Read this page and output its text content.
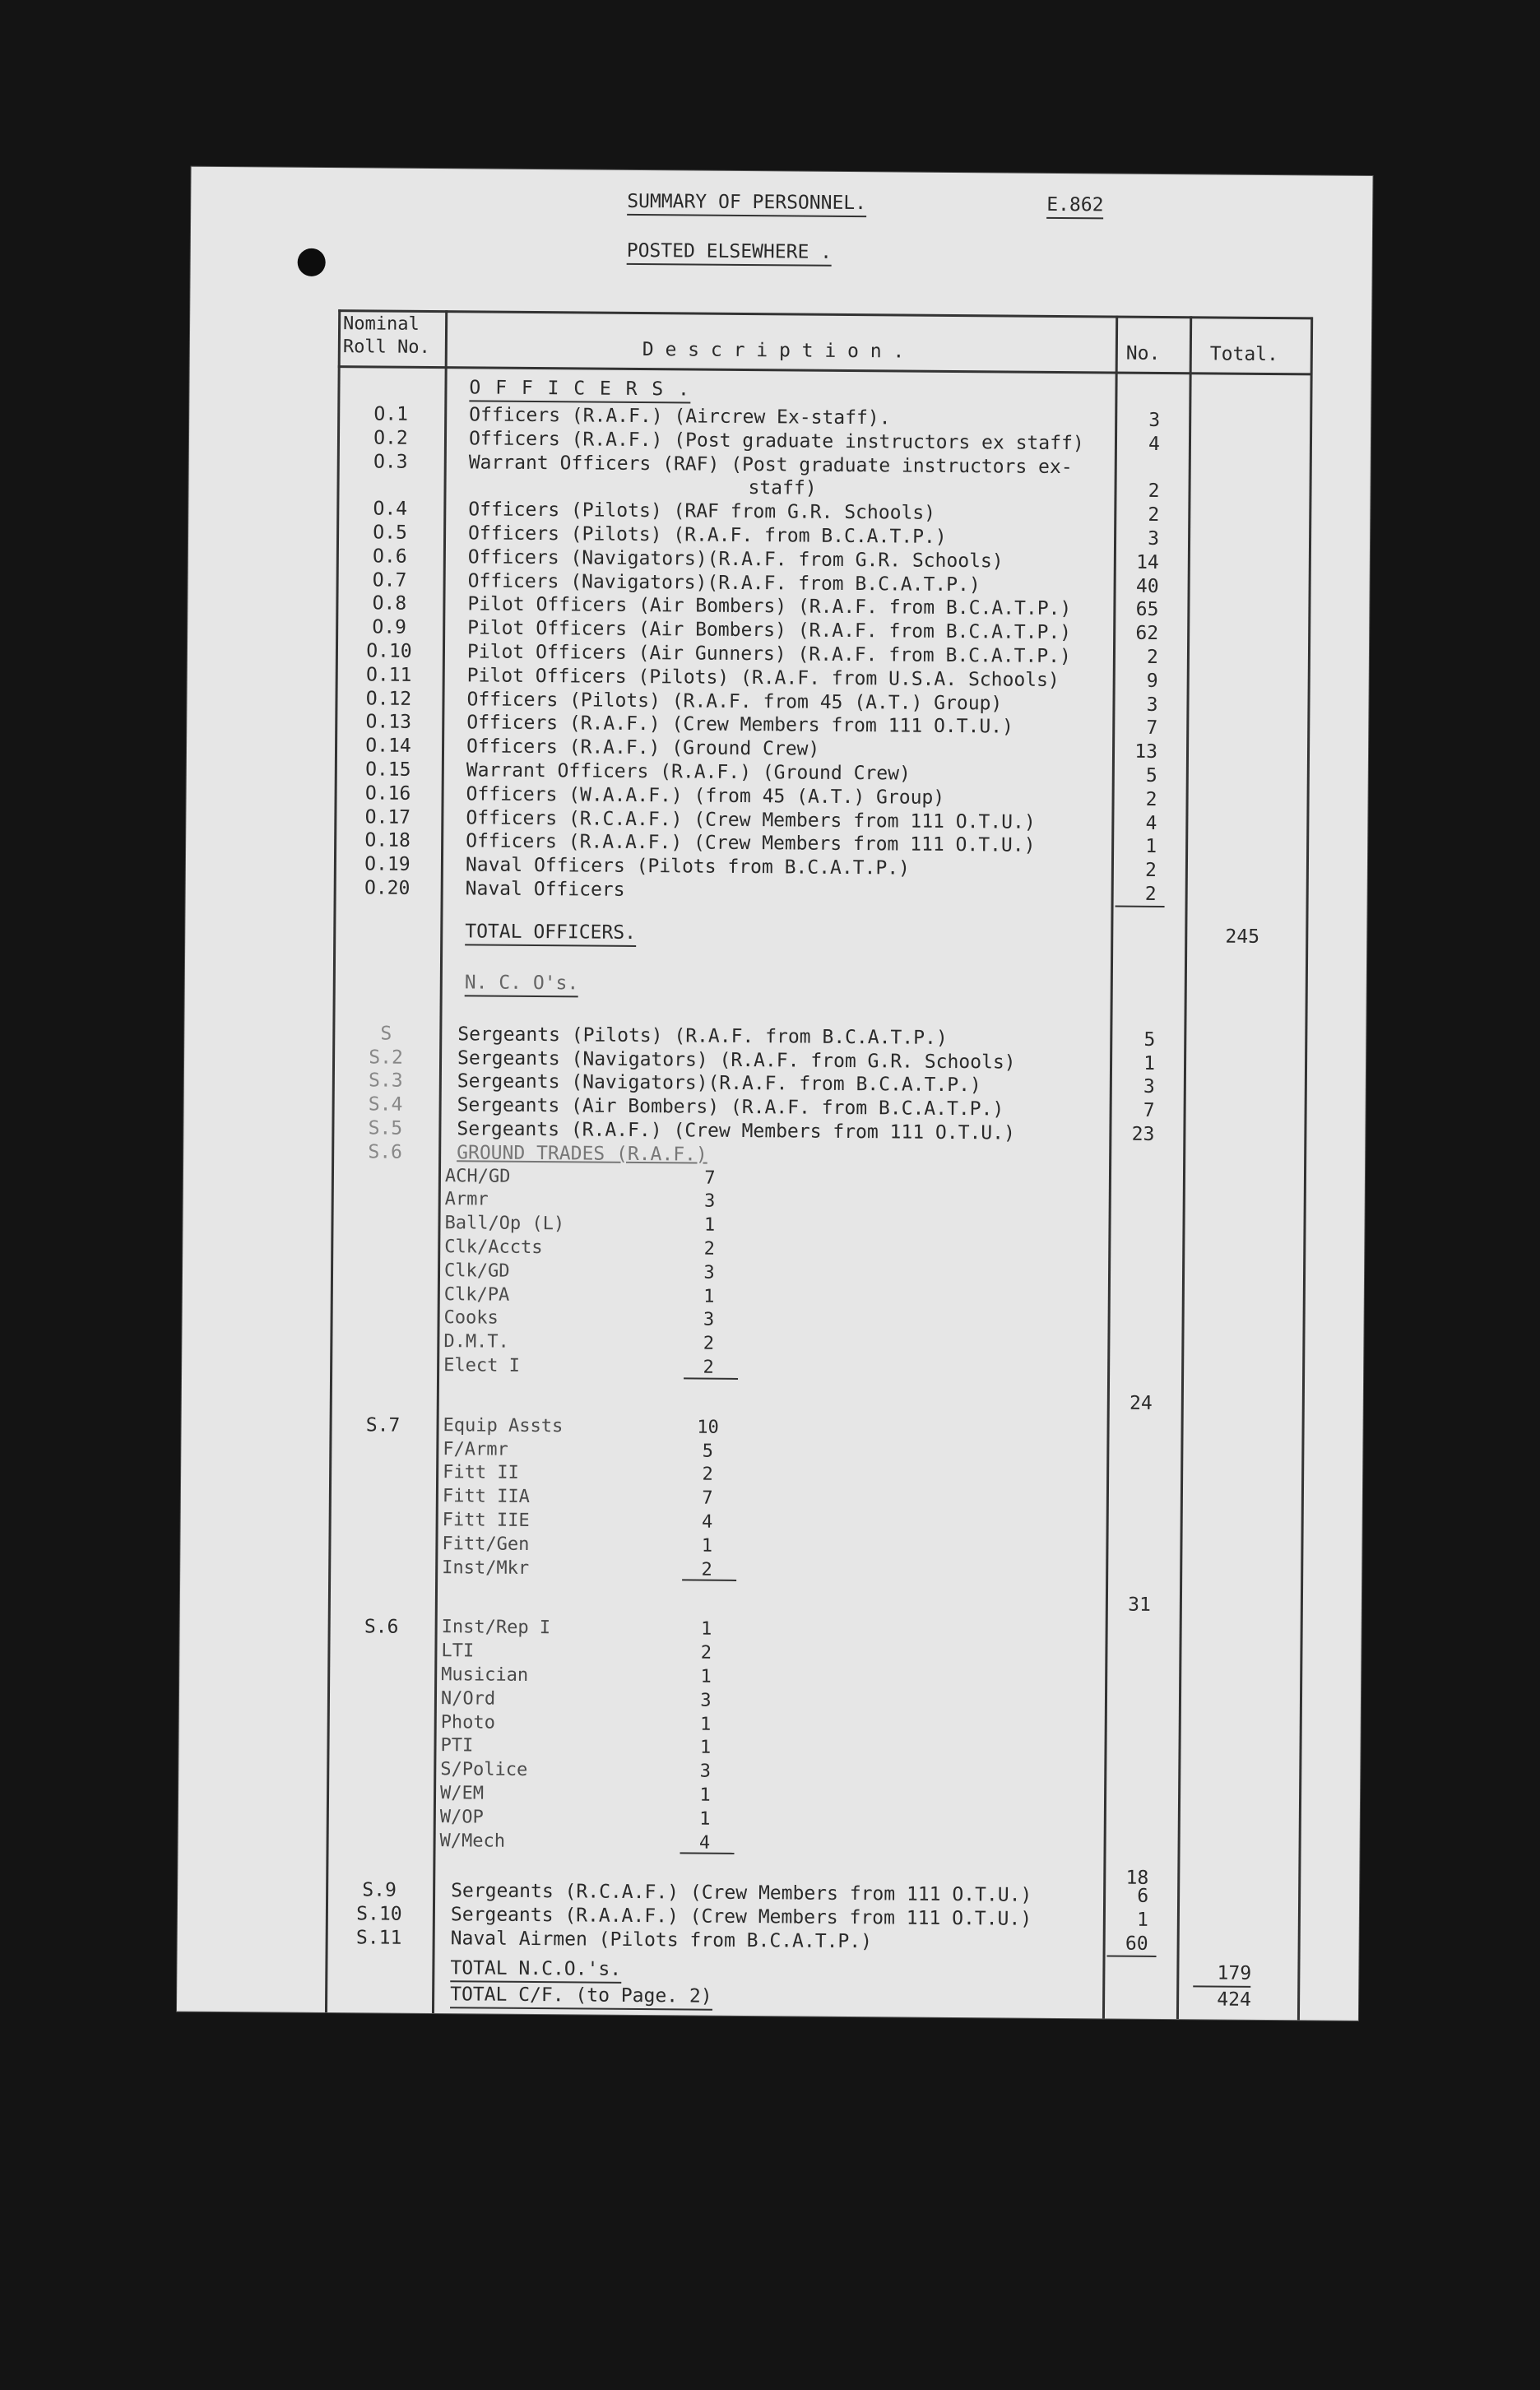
SUMMARY OF PERSONNEL.	E.862
POSTED ELSEWHERE .
Nominal Roll No.	D e s c r i p t i o n .	No.	Total.
O F F I C E R S .
O.1	Officers (R.A.F.) (Aircrew Ex-staff).	3
O.2	Officers (R.A.F.) (Post graduate instructors ex staff)	4
O.3	Warrant Officers (RAF) (Post graduate instructors ex-
staff)	2
O.4	Officers (Pilots) (RAF from G.R. Schools)	2
O.5	Officers (Pilots) (R.A.F. from B.C.A.T.P.)	3
O.6	Officers (Navigators)(R.A.F. from G.R. Schools)	14
O.7	Officers (Navigators)(R.A.F. from B.C.A.T.P.)	40
O.8	Pilot Officers (Air Bombers) (R.A.F. from B.C.A.T.P.)	65
O.9	Pilot Officers (Air Bombers) (R.A.F. from B.C.A.T.P.)	62
O.10	Pilot Officers (Air Gunners) (R.A.F. from B.C.A.T.P.)	2
O.11	Pilot Officers (Pilots) (R.A.F. from U.S.A. Schools)	9
O.12	Officers (Pilots) (R.A.F. from 45 (A.T.) Group)	3
O.13	Officers (R.A.F.) (Crew Members from 111 O.T.U.)	7
O.14	Officers (R.A.F.) (Ground Crew)	13
O.15	Warrant Officers (R.A.F.) (Ground Crew)	5
O.16	Officers (W.A.A.F.) (from 45 (A.T.) Group)	2
O.17	Officers (R.C.A.F.) (Crew Members from 111 O.T.U.)	4
O.18	Officers (R.A.A.F.) (Crew Members from 111 O.T.U.)	1
O.19	Naval Officers (Pilots from B.C.A.T.P.)	2
O.20	Naval Officers	2
TOTAL OFFICERS.	245
N. C. O's.
S	Sergeants (Pilots) (R.A.F. from B.C.A.T.P.)	5
S.2	Sergeants (Navigators) (R.A.F. from G.R. Schools)	1
S.3	Sergeants (Navigators)(R.A.F. from B.C.A.T.P.)	3
S.4	Sergeants (Air Bombers) (R.A.F. from B.C.A.T.P.)	7
S.5	Sergeants (R.A.F.) (Crew Members from 111 O.T.U.)	23
S.6	GROUND TRADES (R.A.F.)
ACH/GD	7
Armr	3
Ball/Op (L)	1
Clk/Accts	2
Clk/GD	3
Clk/PA	1
Cooks	3
D.M.T.	2
Elect I	2
24
S.7	Equip Assts	10
F/Armr	5
Fitt II	2
Fitt IIA	7
Fitt IIE	4
Fitt/Gen	1
Inst/Mkr	2
31
S.6	Inst/Rep I	1
LTI	2
Musician	1
N/Ord	3
Photo	1
PTI	1
S/Police	3
W/EM	1
W/OP	1
W/Mech	4
18
S.9	Sergeants (R.C.A.F.) (Crew Members from 111 O.T.U.)	6
S.10	Sergeants (R.A.A.F.) (Crew Members from 111 O.T.U.)	1
S.11	Naval Airmen (Pilots from B.C.A.T.P.)	60
TOTAL N.C.O.'s.	179
TOTAL C/F. (to Page. 2)	424
